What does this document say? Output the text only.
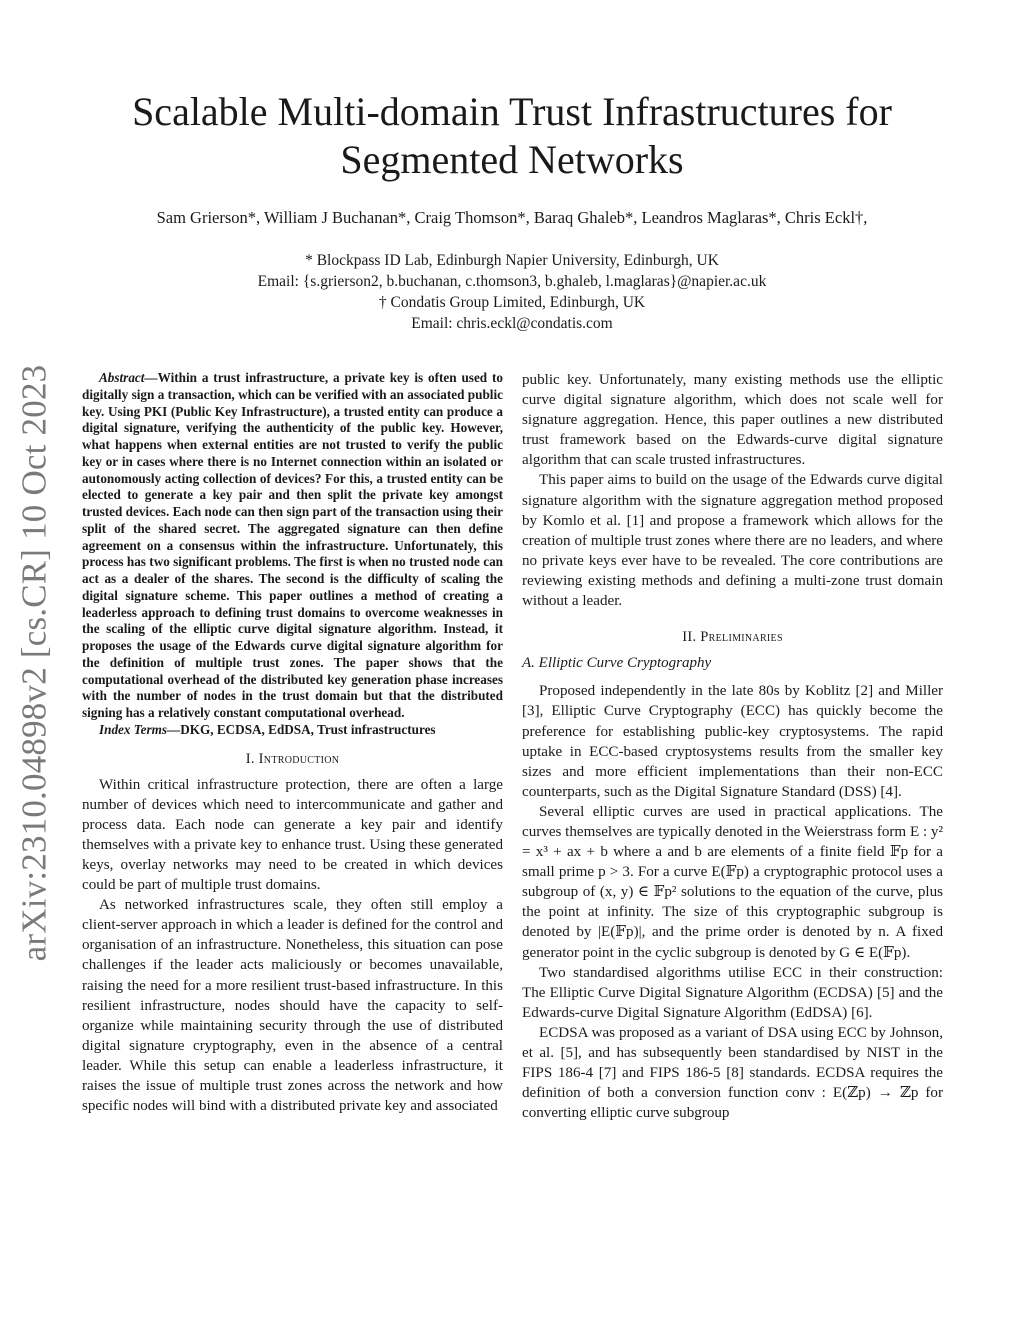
arXiv:2310.04898v2 [cs.CR] 10 Oct 2023
Scalable Multi-domain Trust Infrastructures for
Segmented Networks
Sam Grierson*, William J Buchanan*, Craig Thomson*, Baraq Ghaleb*, Leandros Maglaras*, Chris Eckl†,
* Blockpass ID Lab, Edinburgh Napier University, Edinburgh, UK
Email: {s.grierson2, b.buchanan, c.thomson3, b.ghaleb, l.maglaras}@napier.ac.uk
† Condatis Group Limited, Edinburgh, UK
Email: chris.eckl@condatis.com

Abstract—Within a trust infrastructure, a private key is often used to digitally sign a transaction, which can be verified with an associated public key. Using PKI (Public Key Infrastructure), a trusted entity can produce a digital signature, verifying the authenticity of the public key. However, what happens when external entities are not trusted to verify the public key or in cases where there is no Internet connection within an isolated or autonomously acting collection of devices? For this, a trusted entity can be elected to generate a key pair and then split the private key amongst trusted devices. Each node can then sign part of the transaction using their split of the shared secret. The aggregated signature can then define agreement on a consensus within the infrastructure. Unfortunately, this process has two significant problems. The first is when no trusted node can act as a dealer of the shares. The second is the difficulty of scaling the digital signature scheme. This paper outlines a method of creating a leaderless approach to defining trust domains to overcome weaknesses in the scaling of the elliptic curve digital signature algorithm. Instead, it proposes the usage of the Edwards curve digital signature algorithm for the definition of multiple trust zones. The paper shows that the computational overhead of the distributed key generation phase increases with the number of nodes in the trust domain but that the distributed signing has a relatively constant computational overhead.

Index Terms—DKG, ECDSA, EdDSA, Trust infrastructures

I. Introduction

Within critical infrastructure protection, there are often a large number of devices which need to intercommunicate and gather and process data. Each node can generate a key pair and identify themselves with a private key to enhance trust. Using these generated keys, overlay networks may need to be created in which devices could be part of multiple trust domains.

As networked infrastructures scale, they often still employ a client-server approach in which a leader is defined for the control and organisation of an infrastructure. Nonetheless, this situation can pose challenges if the leader acts maliciously or becomes unavailable, raising the need for a more resilient trust-based infrastructure. In this resilient infrastructure, nodes should have the capacity to self-organize while maintaining security through the use of distributed digital signature cryptography, even in the absence of a central leader. While this setup can enable a leaderless infrastructure, it raises the issue of multiple trust zones across the network and how specific nodes will bind with a distributed private key and associated

public key. Unfortunately, many existing methods use the elliptic curve digital signature algorithm, which does not scale well for signature aggregation. Hence, this paper outlines a new distributed trust framework based on the Edwards-curve digital signature algorithm that can scale trusted infrastructures.

This paper aims to build on the usage of the Edwards curve digital signature algorithm with the signature aggregation method proposed by Komlo et al. [1] and propose a framework which allows for the creation of multiple trust zones where there are no leaders, and where no private keys ever have to be revealed. The core contributions are reviewing existing methods and defining a multi-zone trust domain without a leader.

II. Preliminaries
A. Elliptic Curve Cryptography

Proposed independently in the late 80s by Koblitz [2] and Miller [3], Elliptic Curve Cryptography (ECC) has quickly become the preference for establishing public-key cryptosystems. The rapid uptake in ECC-based cryptosystems results from the smaller key sizes and more efficient implementations than their non-ECC counterparts, such as the Digital Signature Standard (DSS) [4].

Several elliptic curves are used in practical applications. The curves themselves are typically denoted in the Weierstrass form E : y² = x³ + ax + b where a and b are elements of a finite field 𝔽p for a small prime p > 3. For a curve E(𝔽p) a cryptographic protocol uses a subgroup of (x, y) ∈ 𝔽p² solutions to the equation of the curve, plus the point at infinity. The size of this cryptographic subgroup is denoted by |E(𝔽p)|, and the prime order is denoted by n. A fixed generator point in the cyclic subgroup is denoted by G ∈ E(𝔽p).

Two standardised algorithms utilise ECC in their construction: The Elliptic Curve Digital Signature Algorithm (ECDSA) [5] and the Edwards-curve Digital Signature Algorithm (EdDSA) [6].

ECDSA was proposed as a variant of DSA using ECC by Johnson, et al. [5], and has subsequently been standardised by NIST in the FIPS 186-4 [7] and FIPS 186-5 [8] standards. ECDSA requires the definition of both a conversion function conv : E(ℤp) → ℤp for converting elliptic curve subgroup
